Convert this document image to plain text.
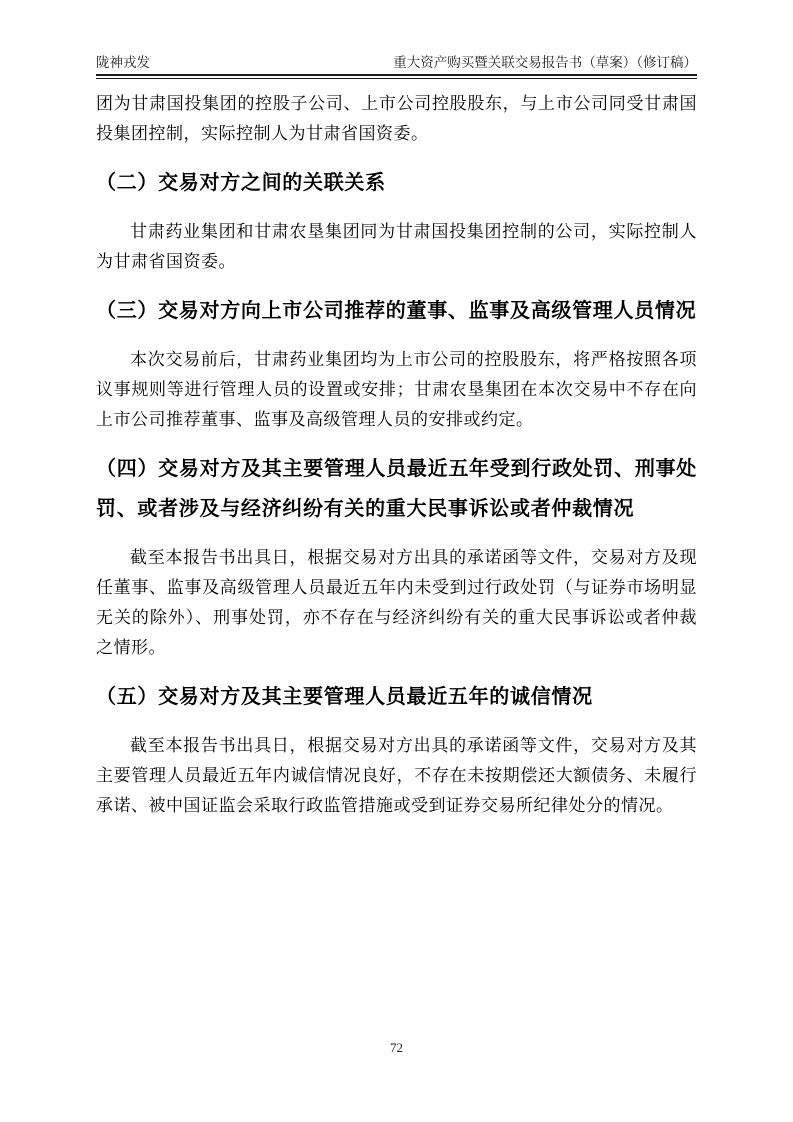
陇神戎发	重大资产购买暨关联交易报告书（草案）（修订稿）

团为甘肃国投集团的控股子公司、上市公司控股股东，与上市公司同受甘肃国投集团控制，实际控制人为甘肃省国资委。

（二）交易对方之间的关联关系

甘肃药业集团和甘肃农垦集团同为甘肃国投集团控制的公司，实际控制人为甘肃省国资委。

（三）交易对方向上市公司推荐的董事、监事及高级管理人员情况

本次交易前后，甘肃药业集团均为上市公司的控股股东，将严格按照各项议事规则等进行管理人员的设置或安排；甘肃农垦集团在本次交易中不存在向上市公司推荐董事、监事及高级管理人员的安排或约定。

（四）交易对方及其主要管理人员最近五年受到行政处罚、刑事处罚、或者涉及与经济纠纷有关的重大民事诉讼或者仲裁情况

截至本报告书出具日，根据交易对方出具的承诺函等文件，交易对方及现任董事、监事及高级管理人员最近五年内未受到过行政处罚（与证券市场明显无关的除外）、刑事处罚，亦不存在与经济纠纷有关的重大民事诉讼或者仲裁之情形。

（五）交易对方及其主要管理人员最近五年的诚信情况

截至本报告书出具日，根据交易对方出具的承诺函等文件，交易对方及其主要管理人员最近五年内诚信情况良好，不存在未按期偿还大额债务、未履行承诺、被中国证监会采取行政监管措施或受到证券交易所纪律处分的情况。

72
